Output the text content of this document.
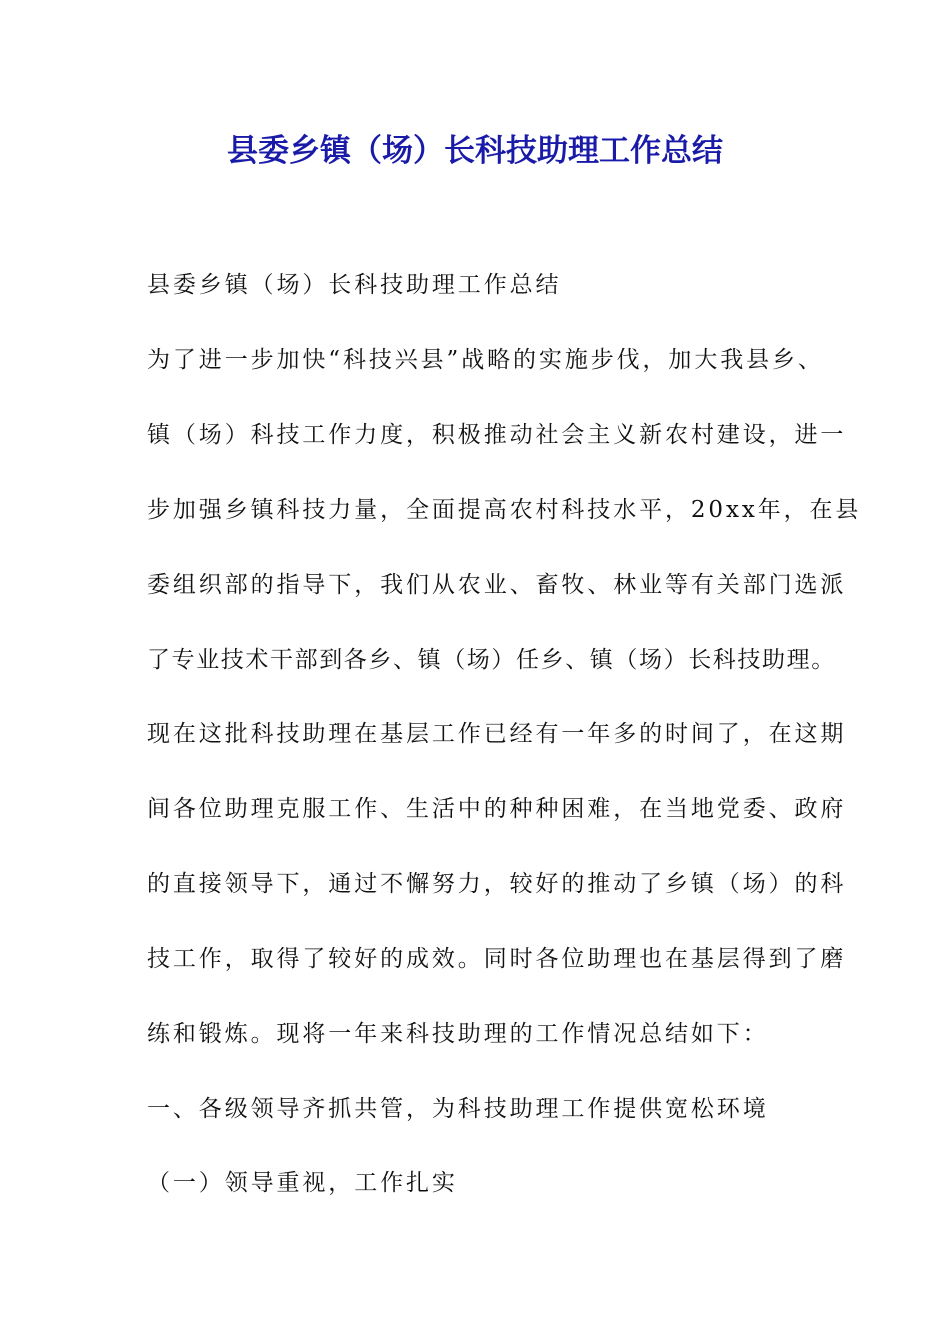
县委乡镇（场）长科技助理工作总结

县委乡镇（场）长科技助理工作总结

为了进一步加快“科技兴县”战略的实施步伐，加大我县乡、

镇（场）科技工作力度，积极推动社会主义新农村建设，进一

步加强乡镇科技力量，全面提高农村科技水平，20xx年，在县

委组织部的指导下，我们从农业、畜牧、林业等有关部门选派

了专业技术干部到各乡、镇（场）任乡、镇（场）长科技助理。

现在这批科技助理在基层工作已经有一年多的时间了，在这期

间各位助理克服工作、生活中的种种困难，在当地党委、政府

的直接领导下，通过不懈努力，较好的推动了乡镇（场）的科

技工作，取得了较好的成效。同时各位助理也在基层得到了磨

练和锻炼。现将一年来科技助理的工作情况总结如下：

一、各级领导齐抓共管，为科技助理工作提供宽松环境

（一）领导重视，工作扎实
